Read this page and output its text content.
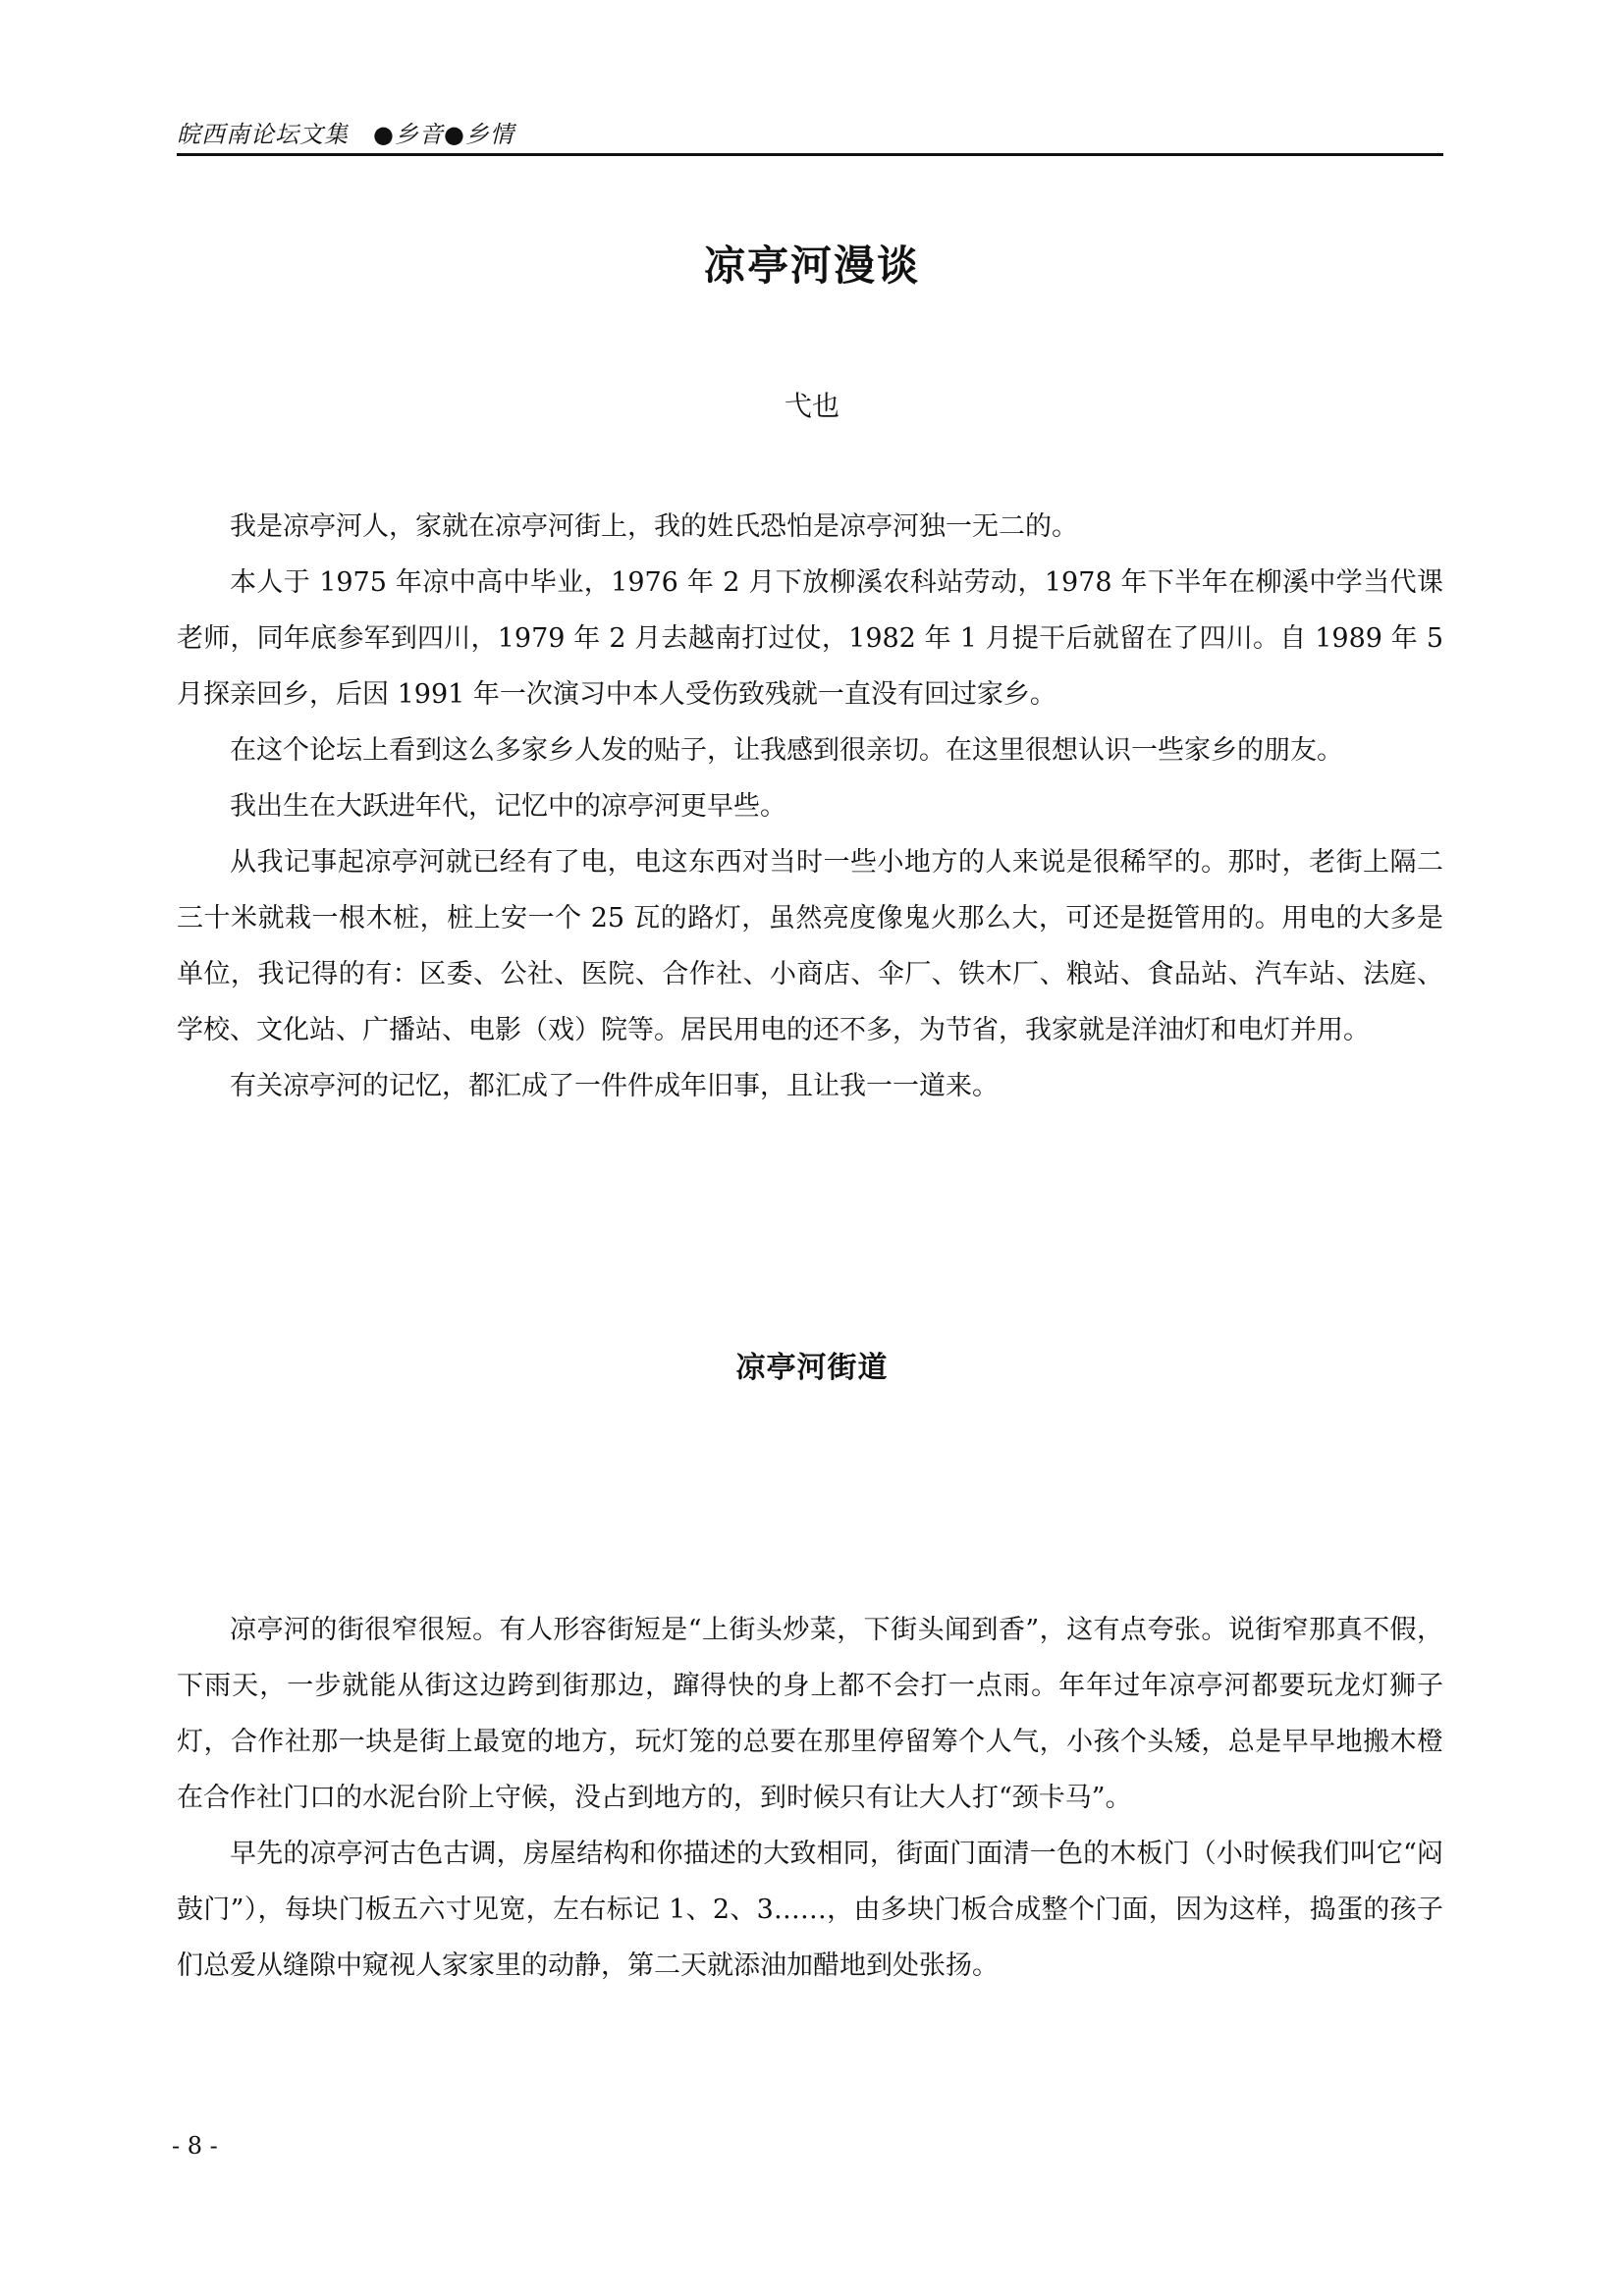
皖西南论坛文集　●乡音●乡情
凉亭河漫谈
弋也

我是凉亭河人，家就在凉亭河街上，我的姓氏恐怕是凉亭河独一无二的。

本人于 1975 年凉中高中毕业，1976 年 2 月下放柳溪农科站劳动，1978 年下半年在柳溪中学当代课老师，同年底参军到四川，1979 年 2 月去越南打过仗，1982 年 1 月提干后就留在了四川。自 1989 年 5 月探亲回乡，后因 1991 年一次演习中本人受伤致残就一直没有回过家乡。

在这个论坛上看到这么多家乡人发的贴子，让我感到很亲切。在这里很想认识一些家乡的朋友。

我出生在大跃进年代，记忆中的凉亭河更早些。

从我记事起凉亭河就已经有了电，电这东西对当时一些小地方的人来说是很稀罕的。那时，老街上隔二三十米就栽一根木桩，桩上安一个 25 瓦的路灯，虽然亮度像鬼火那么大，可还是挺管用的。用电的大多是单位，我记得的有：区委、公社、医院、合作社、小商店、伞厂、铁木厂、粮站、食品站、汽车站、法庭、学校、文化站、广播站、电影（戏）院等。居民用电的还不多，为节省，我家就是洋油灯和电灯并用。

有关凉亭河的记忆，都汇成了一件件成年旧事，且让我一一道来。

凉亭河街道

凉亭河的街很窄很短。有人形容街短是“上街头炒菜，下街头闻到香”，这有点夸张。说街窄那真不假，下雨天，一步就能从街这边跨到街那边，蹿得快的身上都不会打一点雨。年年过年凉亭河都要玩龙灯狮子灯，合作社那一块是街上最宽的地方，玩灯笼的总要在那里停留筹个人气，小孩个头矮，总是早早地搬木橙在合作社门口的水泥台阶上守候，没占到地方的，到时候只有让大人打“颈卡马”。

早先的凉亭河古色古调，房屋结构和你描述的大致相同，街面门面清一色的木板门（小时候我们叫它“闷鼓门”），每块门板五六寸见宽，左右标记 1、2、3……，由多块门板合成整个门面，因为这样，捣蛋的孩子们总爱从缝隙中窥视人家家里的动静，第二天就添油加醋地到处张扬。

- 8 -
